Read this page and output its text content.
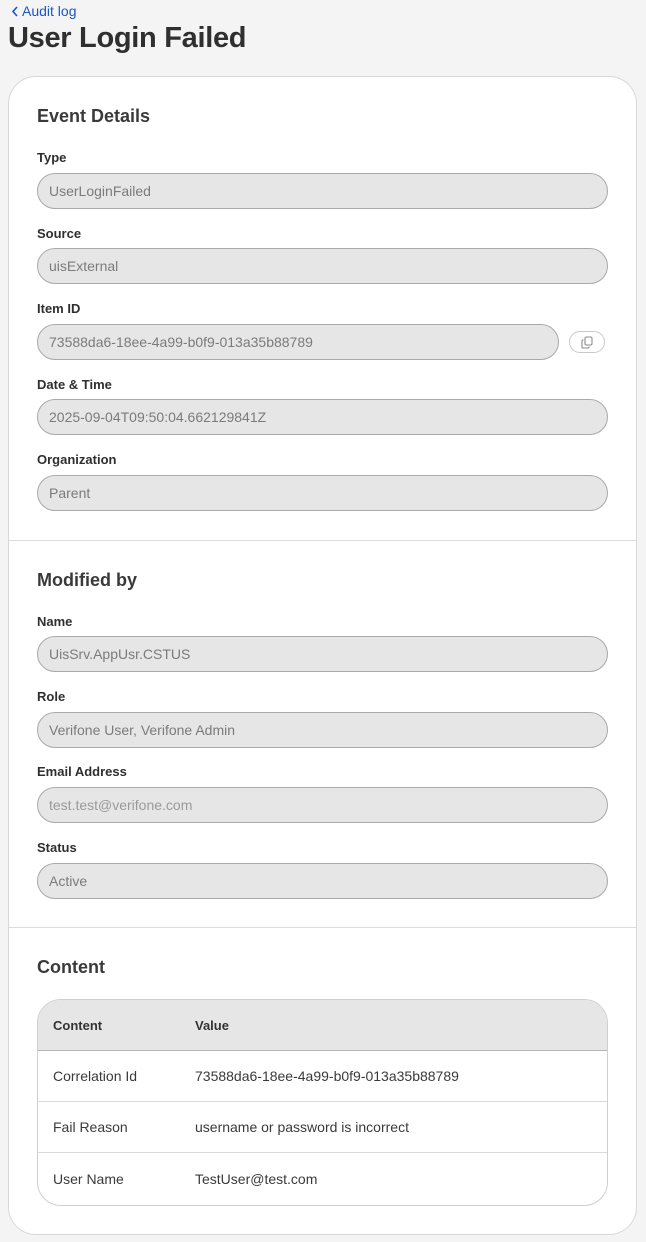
Audit log
User Login Failed
Event Details
Type
UserLoginFailed
Source
uisExternal
Item ID
73588da6-18ee-4a99-b0f9-013a35b88789
Date & Time
2025-09-04T09:50:04.662129841Z
Organization
Parent
Modified by
Name
UisSrv.AppUsr.CSTUS
Role
Verifone User, Verifone Admin
Email Address
test.test@verifone.com
Status
Active
Content
Content	Value
Correlation Id	73588da6-18ee-4a99-b0f9-013a35b88789
Fail Reason	username or password is incorrect
User Name	TestUser@test.com
